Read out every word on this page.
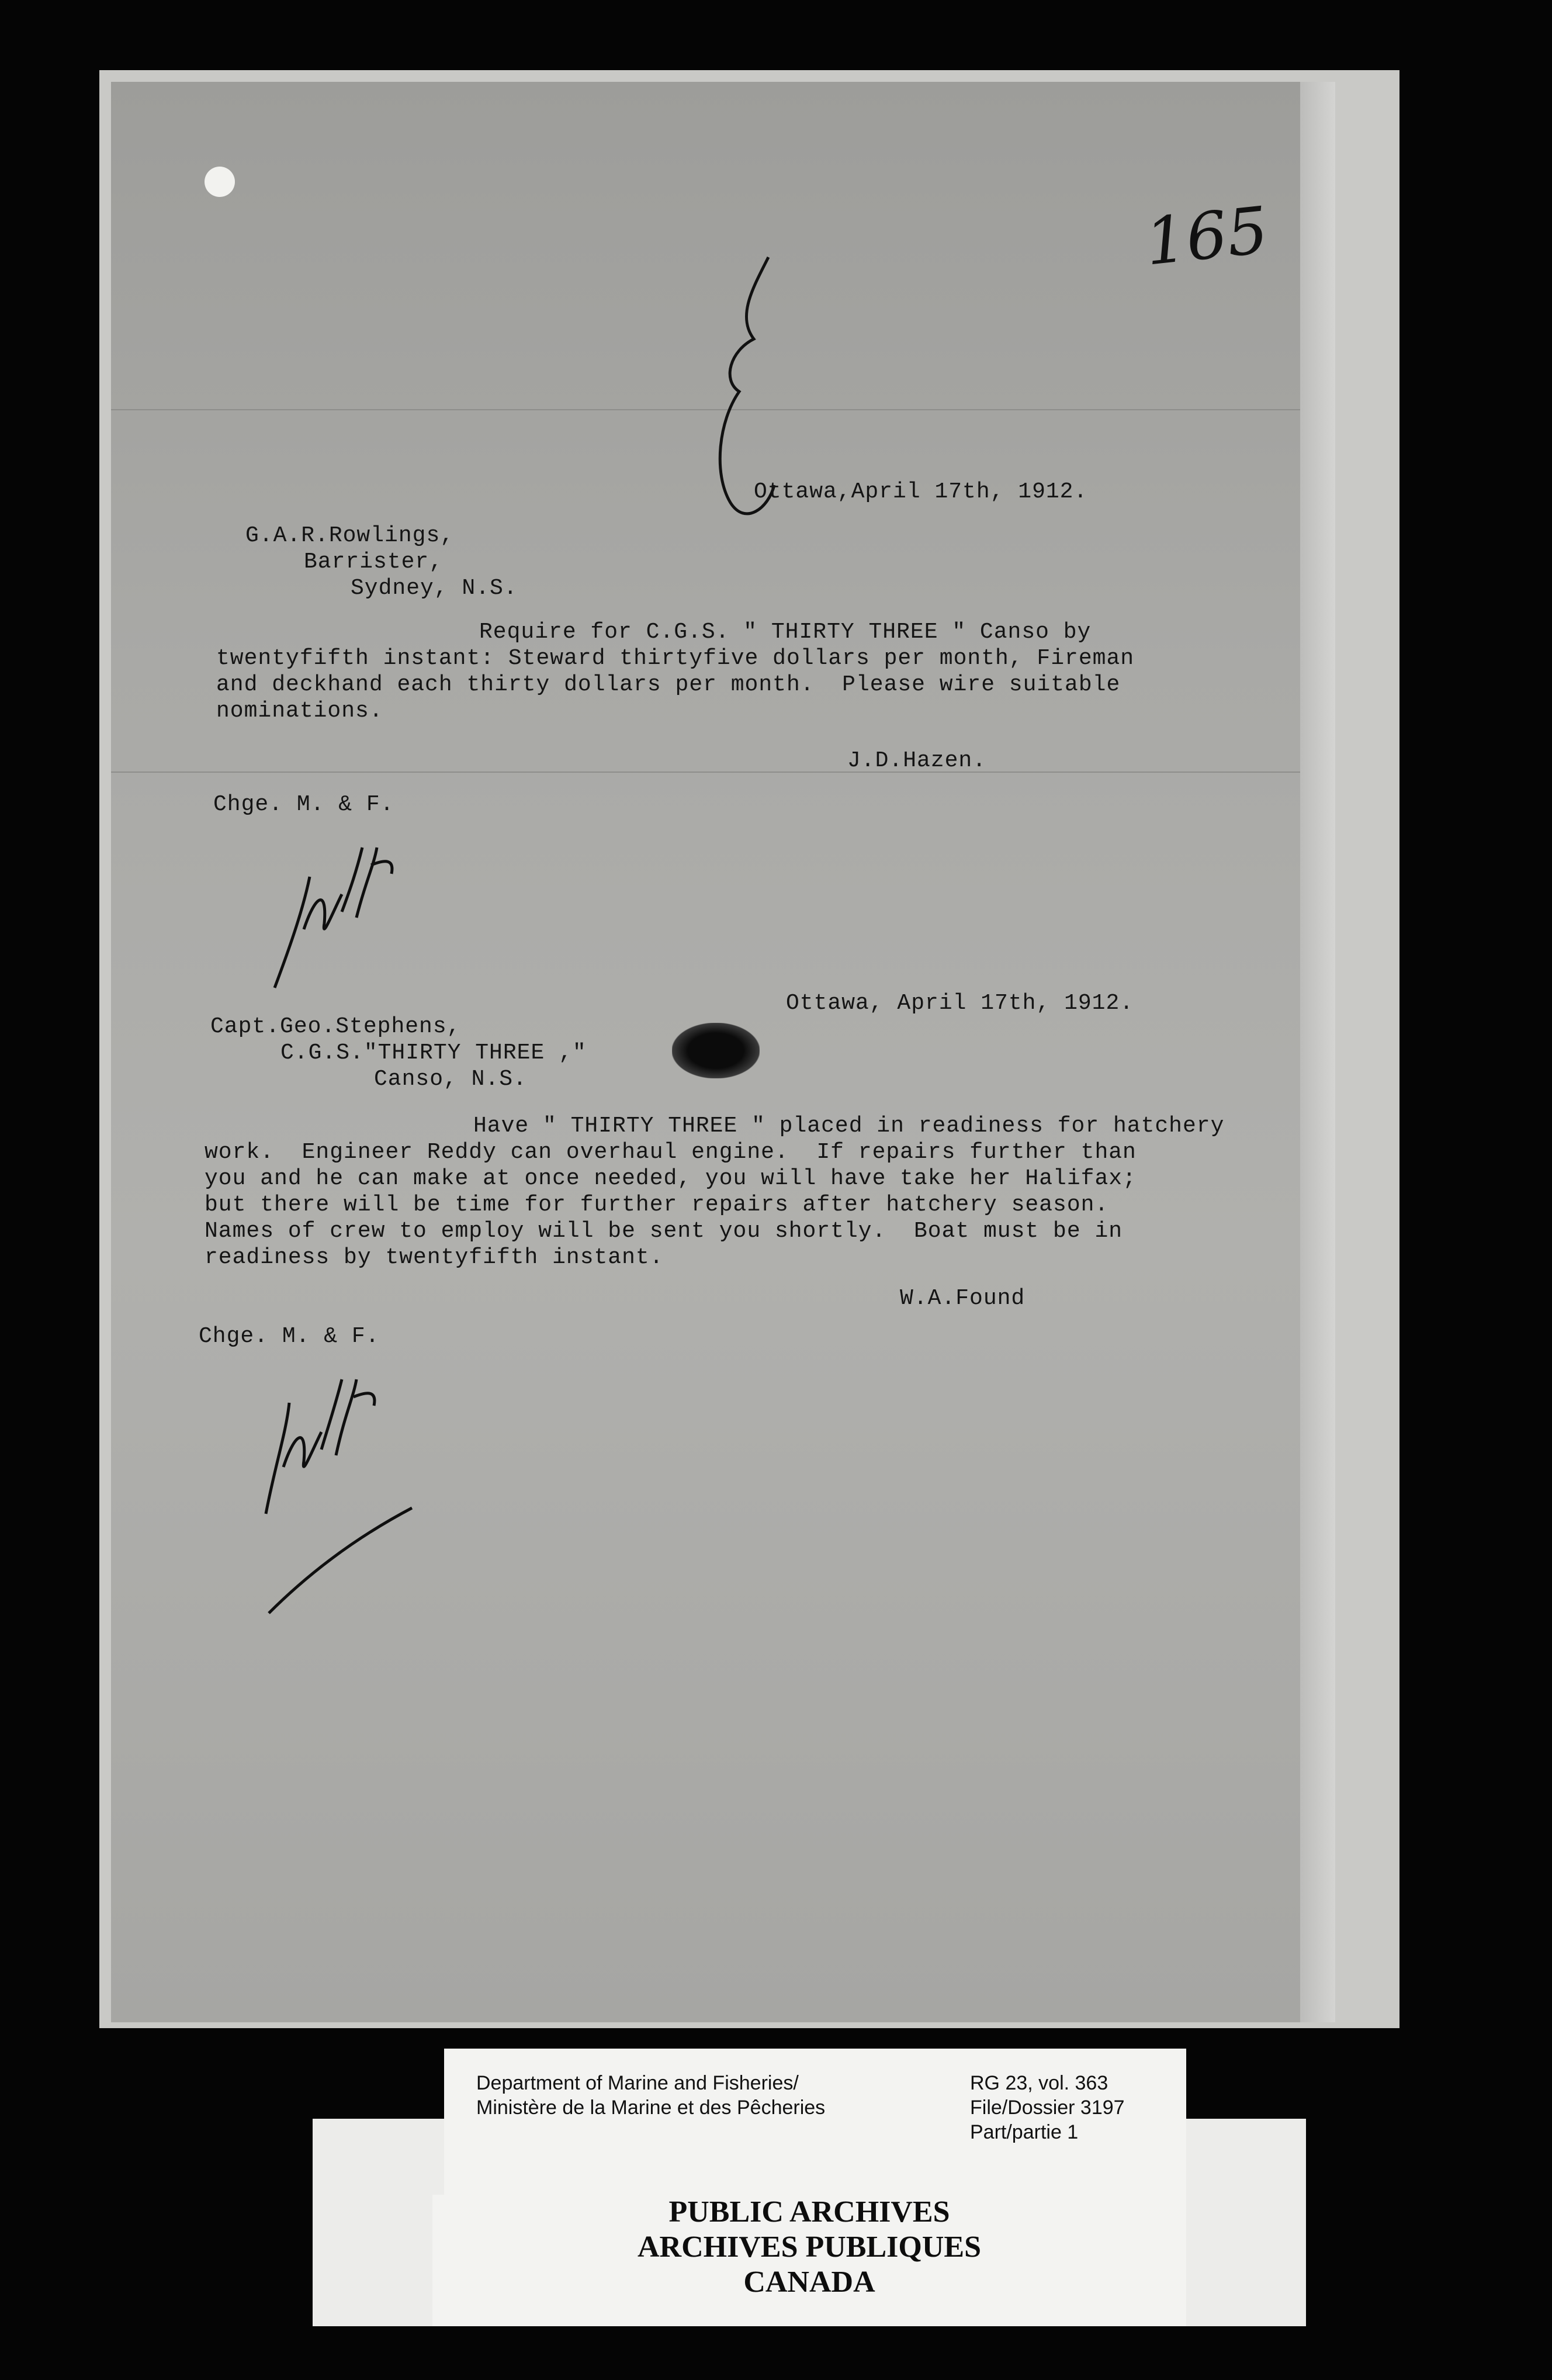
165
Ottawa,April 17th, 1912.
G.A.R.Rowlings,
Barrister,
Sydney, N.S.
Require for C.G.S. " THIRTY THREE " Canso by
twentyfifth instant: Steward thirtyfive dollars per month, Fireman
and deckhand each thirty dollars per month.  Please wire suitable
nominations.
J.D.Hazen.
Chge. M. & F.
Ottawa, April 17th, 1912.
Capt.Geo.Stephens,
C.G.S."THIRTY THREE ,"
Canso, N.S.
Have " THIRTY THREE " placed in readiness for hatchery
work.  Engineer Reddy can overhaul engine.  If repairs further than
you and he can make at once needed, you will have take her Halifax;
but there will be time for further repairs after hatchery season.
Names of crew to employ will be sent you shortly.  Boat must be in
readiness by twentyfifth instant.
W.A.Found
Chge. M. & F.
PUBLIC ARCHIVES
ARCHIVES PUBLIQUES
CANADA
Department of Marine and Fisheries/
Ministère de la Marine et des Pêcheries
RG 23, vol. 363
File/Dossier 3197
Part/partie 1
